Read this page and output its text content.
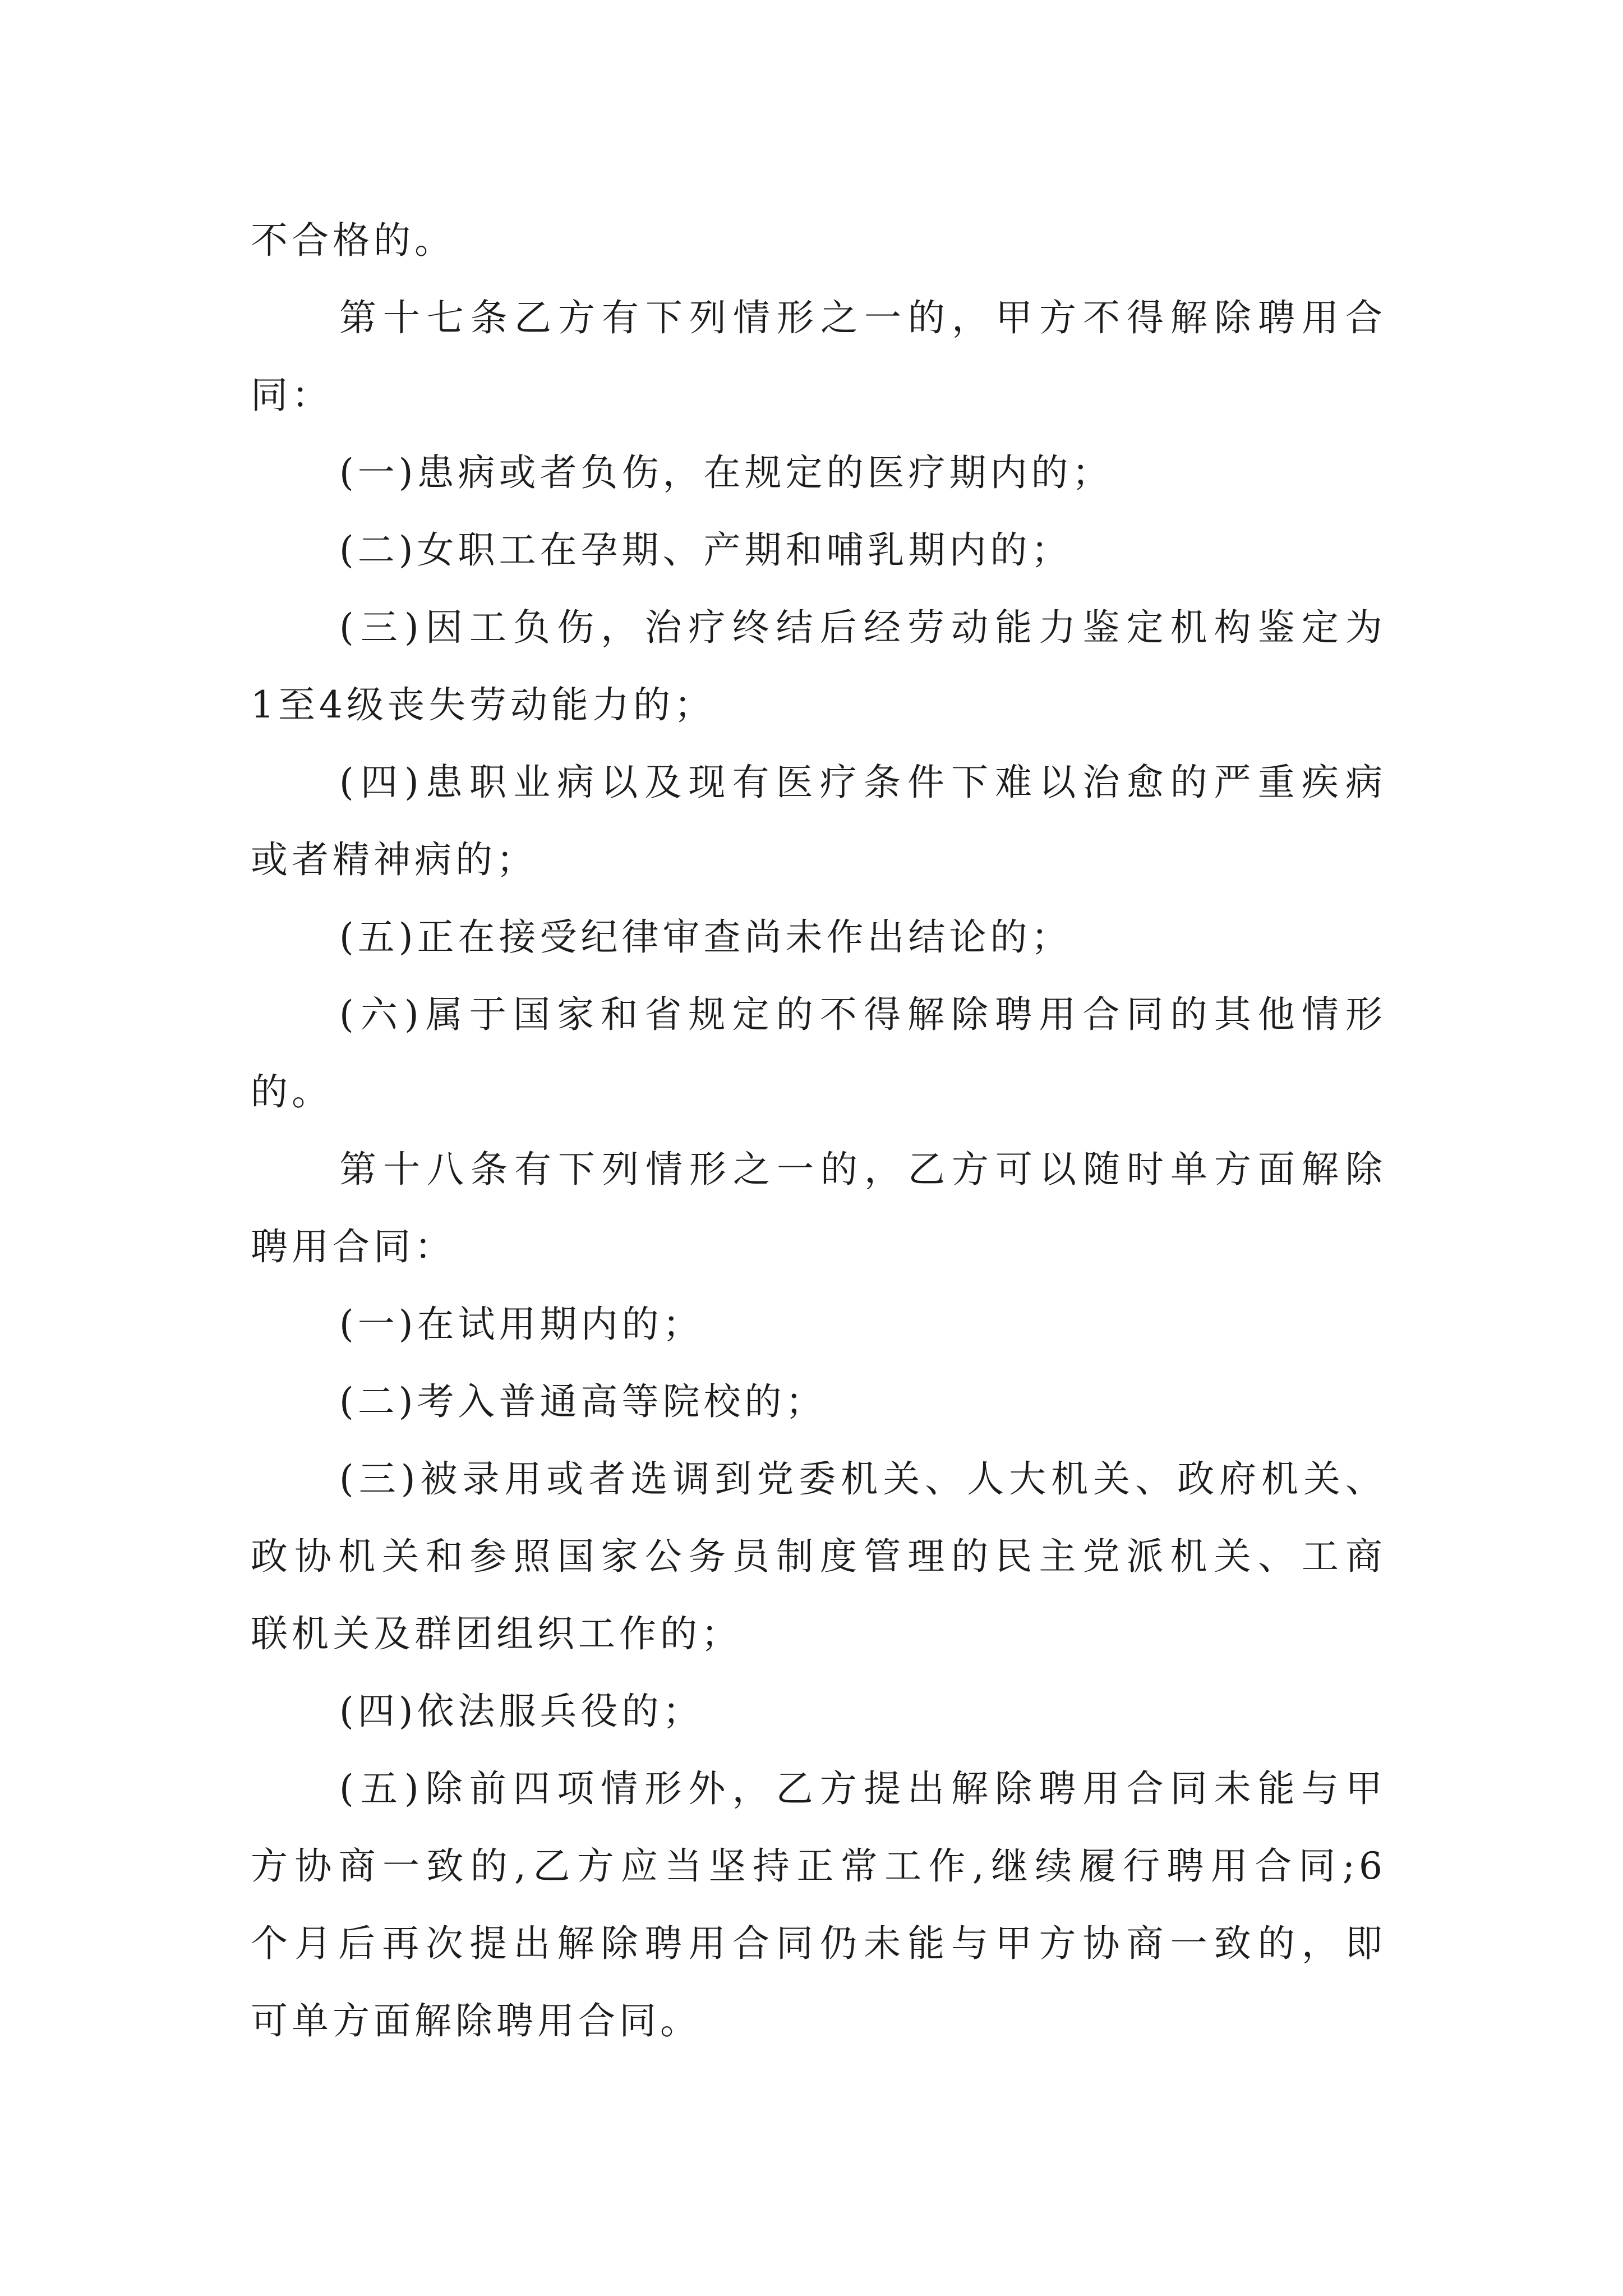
不合格的。

第十七条乙方有下列情形之一的，甲方不得解除聘用合
同：

(一)患病或者负伤，在规定的医疗期内的；

(二)女职工在孕期、产期和哺乳期内的；

(三)因工负伤，治疗终结后经劳动能力鉴定机构鉴定为
1至4级丧失劳动能力的；

(四)患职业病以及现有医疗条件下难以治愈的严重疾病
或者精神病的；

(五)正在接受纪律审查尚未作出结论的；

(六)属于国家和省规定的不得解除聘用合同的其他情形
的。

第十八条有下列情形之一的，乙方可以随时单方面解除
聘用合同：

(一)在试用期内的；

(二)考入普通高等院校的；

(三)被录用或者选调到党委机关、人大机关、政府机关、
政协机关和参照国家公务员制度管理的民主党派机关、工商
联机关及群团组织工作的；

(四)依法服兵役的；

(五)除前四项情形外，乙方提出解除聘用合同未能与甲
方协商一致的,乙方应当坚持正常工作,继续履行聘用合同;6
个月后再次提出解除聘用合同仍未能与甲方协商一致的，即
可单方面解除聘用合同。
